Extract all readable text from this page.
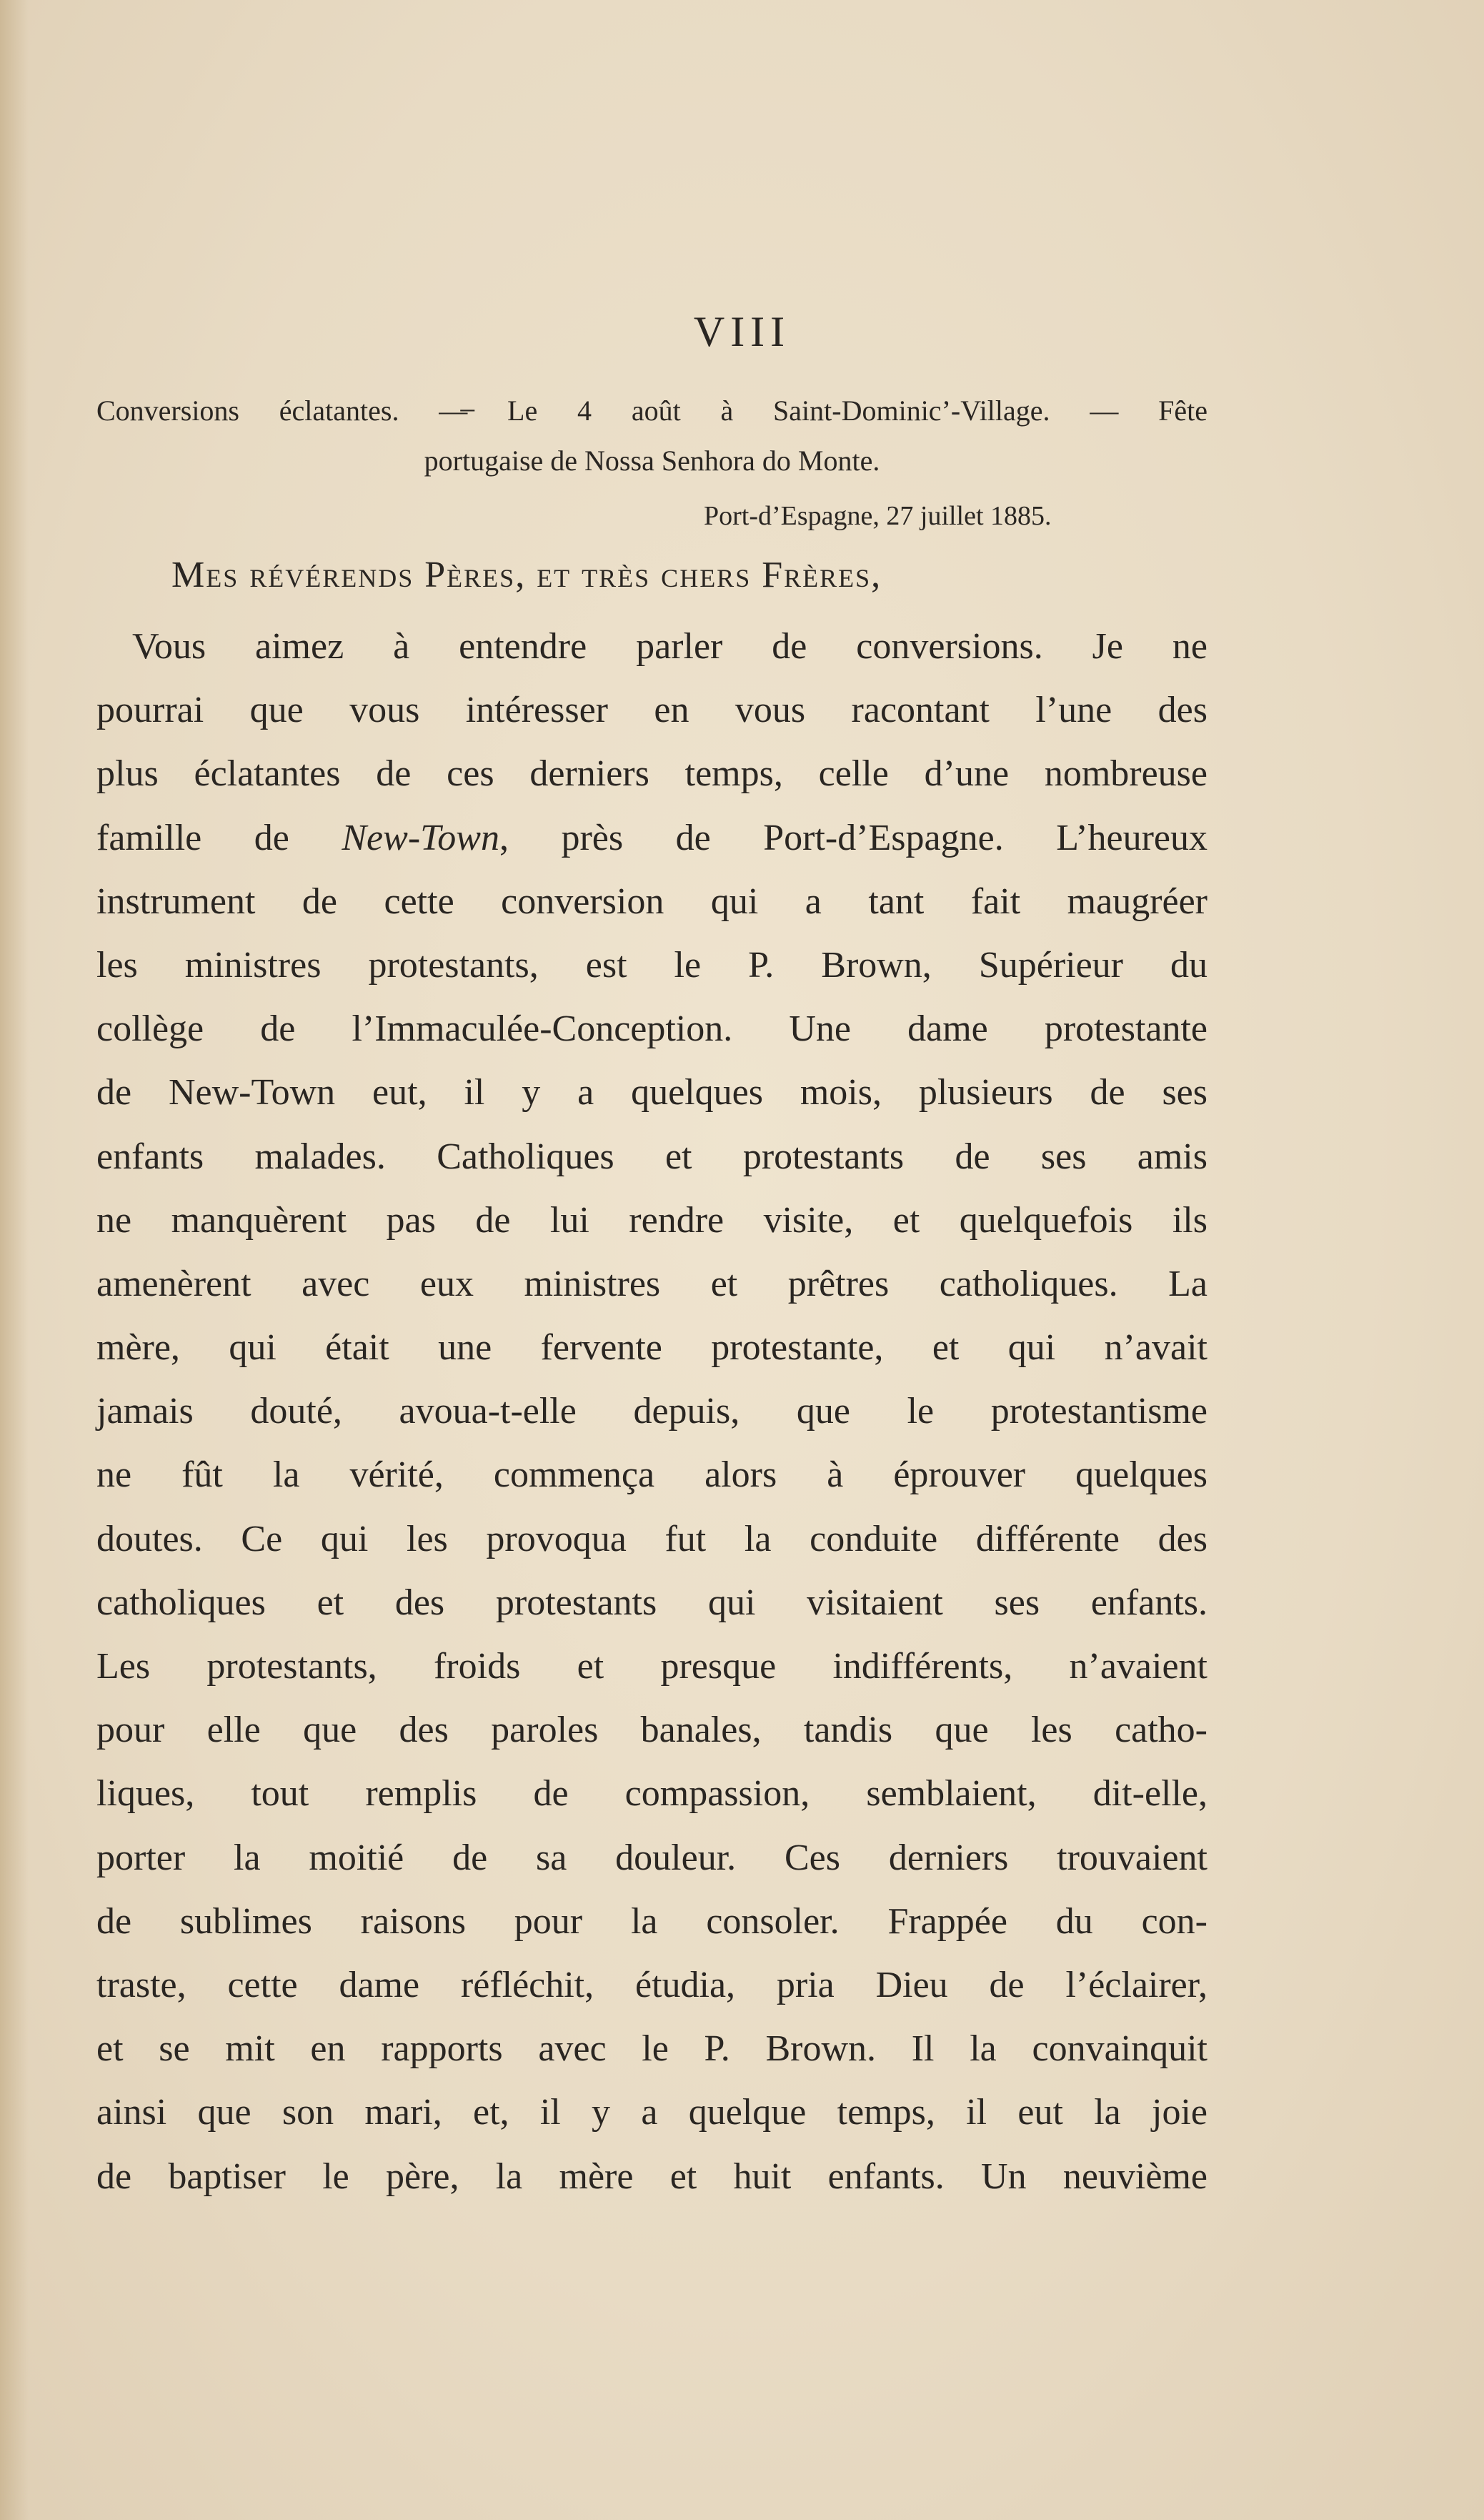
VIII
Conversions éclatantes. —̶ Le 4 août à Saint-Dominic’-Village. — Fête
portugaise de Nossa Senhora do Monte.
Port-d’Espagne, 27 juillet 1885.
Mes révérends Pères, et très chers Frères,
Vous aimez à entendre parler de conversions. Je ne
pourrai que vous intéresser en vous racontant l’une des
plus éclatantes de ces derniers temps, celle d’une nombreuse
famille de New-Town, près de Port-d’Espagne. L’heureux
instrument de cette conversion qui a tant fait maugréer
les ministres protestants, est le P. Brown, Supérieur du
collège de l’Immaculée-Conception. Une dame protestante
de New-Town eut, il y a quelques mois, plusieurs de ses
enfants malades. Catholiques et protestants de ses amis
ne manquèrent pas de lui rendre visite, et quelquefois ils
amenèrent avec eux ministres et prêtres catholiques. La
mère, qui était une fervente protestante, et qui n’avait
jamais douté, avoua-t-elle depuis, que le protestantisme
ne fût la vérité, commença alors à éprouver quelques
doutes. Ce qui les provoqua fut la conduite différente des
catholiques et des protestants qui visitaient ses enfants.
Les protestants, froids et presque indifférents, n’avaient
pour elle que des paroles banales, tandis que les catho-
liques, tout remplis de compassion, semblaient, dit-elle,
porter la moitié de sa douleur. Ces derniers trouvaient
de sublimes raisons pour la consoler. Frappée du con-
traste, cette dame réfléchit, étudia, pria Dieu de l’éclairer,
et se mit en rapports avec le P. Brown. Il la convainquit
ainsi que son mari, et, il y a quelque temps, il eut la joie
de baptiser le père, la mère et huit enfants. Un neuvième
